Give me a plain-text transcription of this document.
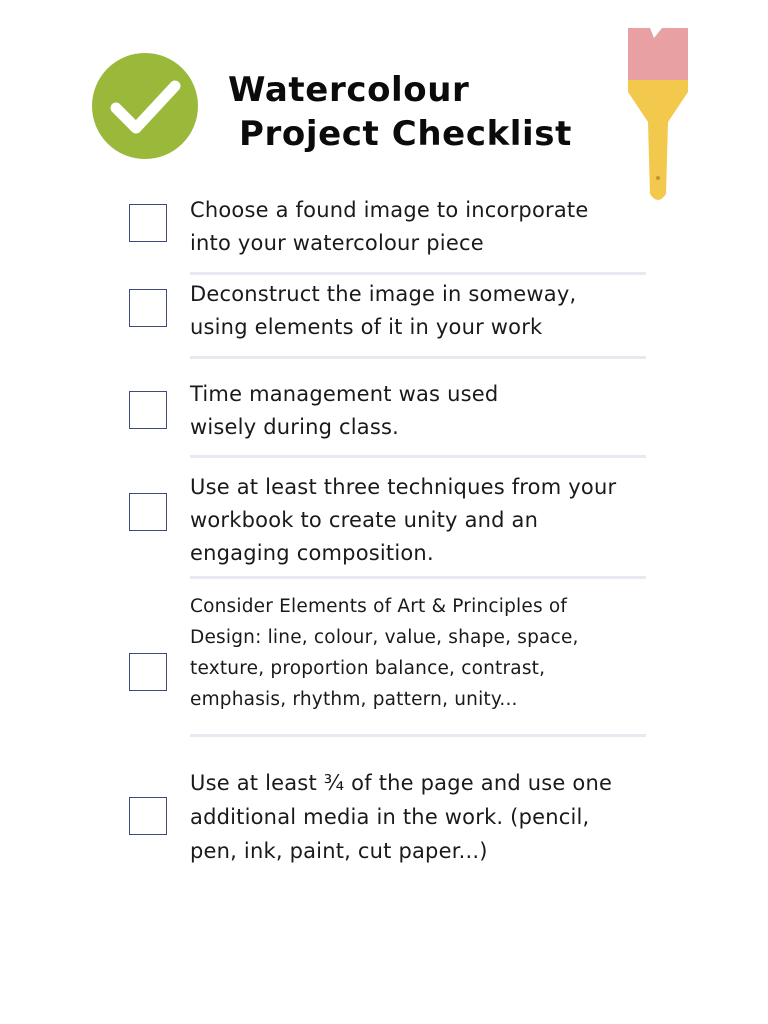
Watercolour
Project Checklist

Choose a found image to incorporate
into your watercolour piece

Deconstruct the image in someway,
using elements of it in your work

Time management was used
wisely during class.

Use at least three techniques from your
workbook to create unity and an
engaging composition.

Consider Elements of Art & Principles of
Design: line, colour, value, shape, space,
texture, proportion balance, contrast,
emphasis, rhythm, pattern, unity...

Use at least ¾ of the page and use one
additional media in the work. (pencil,
pen, ink, paint, cut paper...)
